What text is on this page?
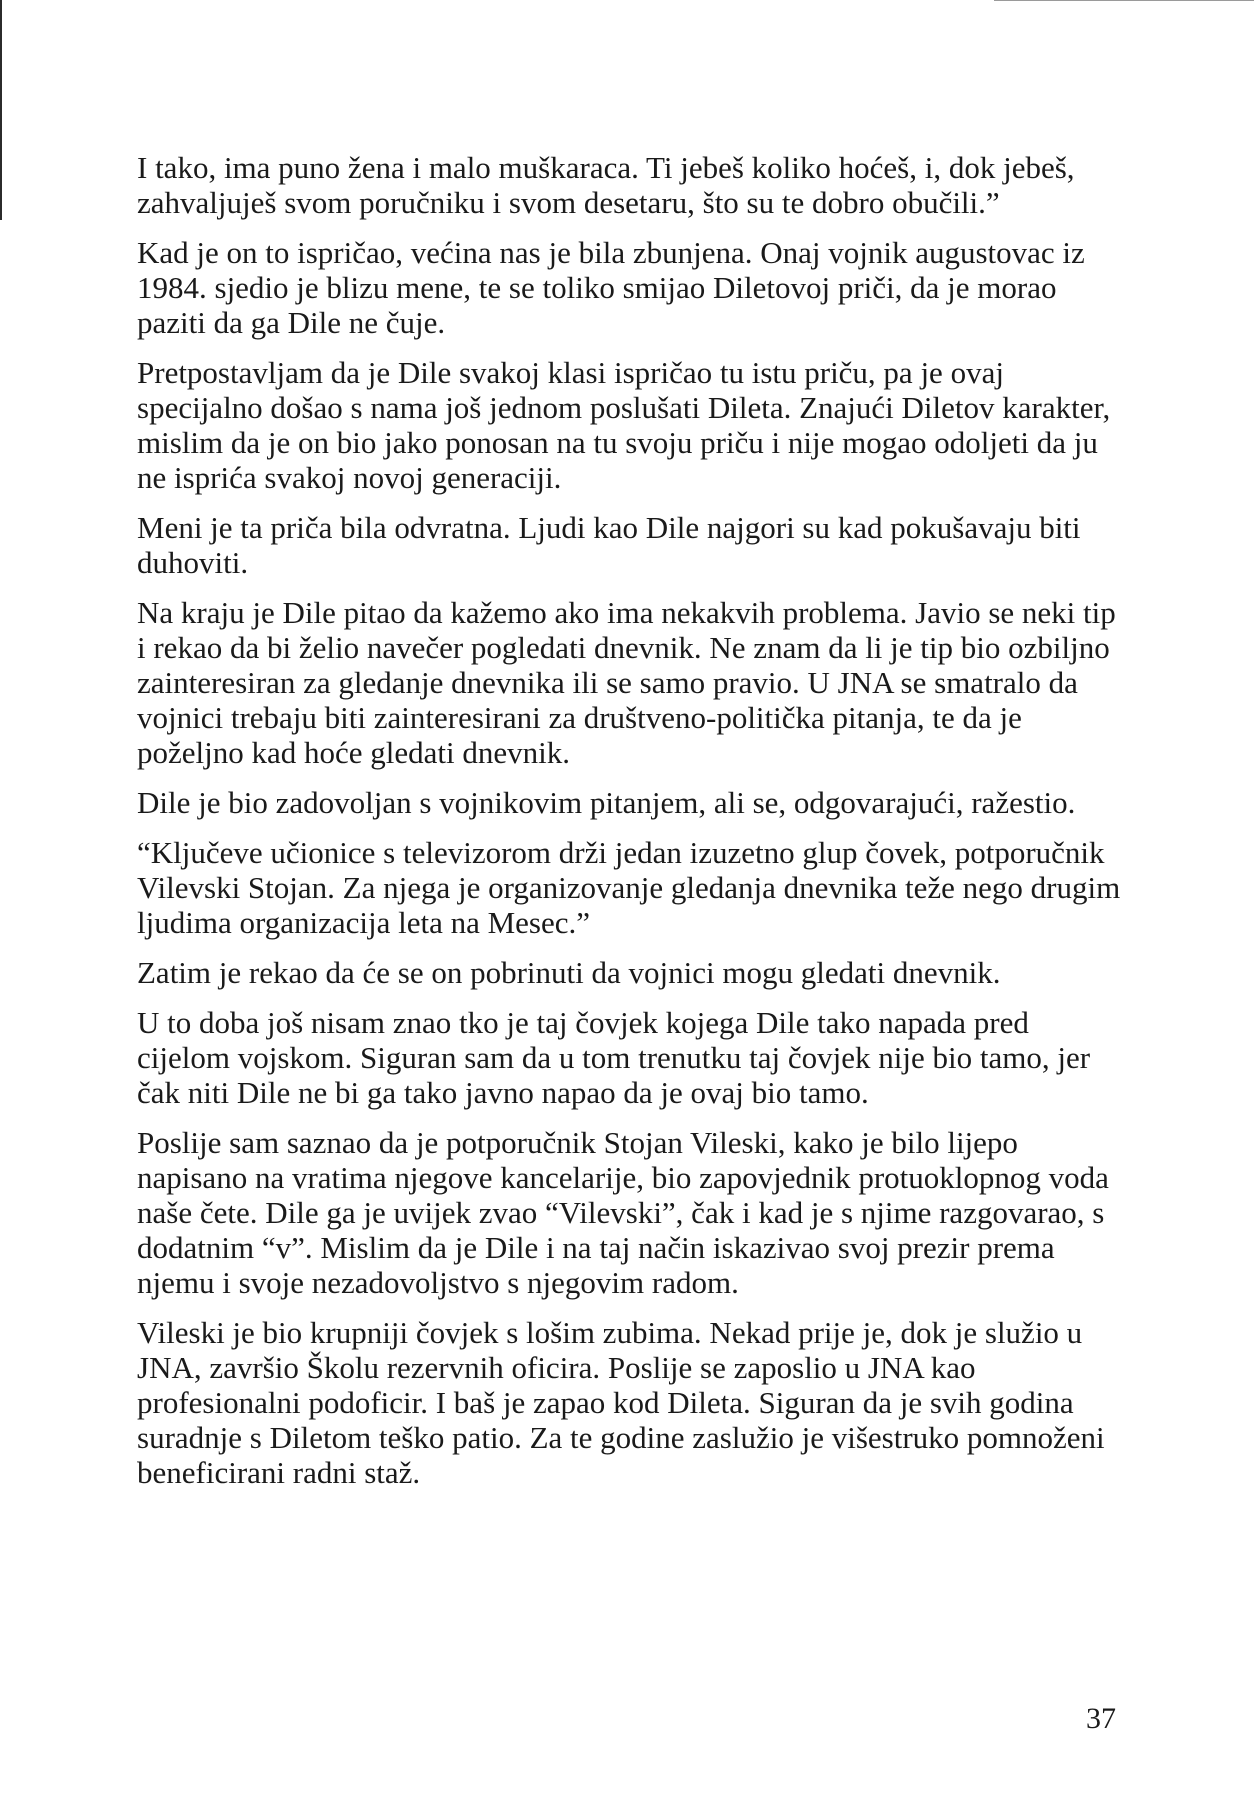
I tako, ima puno žena i malo muškaraca. Ti jebeš koliko hoćeš, i, dok jebeš, zahvaljuješ svom poručniku i svom desetaru, što su te dobro obučili.”

Kad je on to ispričao, većina nas je bila zbunjena. Onaj vojnik augustovac iz 1984. sjedio je blizu mene, te se toliko smijao Diletovoj priči, da je morao paziti da ga Dile ne čuje.

Pretpostavljam da je Dile svakoj klasi ispričao tu istu priču, pa je ovaj specijalno došao s nama još jednom poslušati Dileta. Znajući Diletov karakter, mislim da je on bio jako ponosan na tu svoju priču i nije mogao odoljeti da ju ne isprića svakoj novoj generaciji.

Meni je ta priča bila odvratna. Ljudi kao Dile najgori su kad pokušavaju biti duhoviti.

Na kraju je Dile pitao da kažemo ako ima nekakvih problema. Javio se neki tip i rekao da bi želio navečer pogledati dnevnik. Ne znam da li je tip bio ozbiljno zainteresiran za gledanje dnevnika ili se samo pravio. U JNA se smatralo da vojnici trebaju biti zainteresirani za društveno-politička pitanja, te da je poželjno kad hoće gledati dnevnik.

Dile je bio zadovoljan s vojnikovim pitanjem, ali se, odgovarajući, ražestio.

“Ključeve učionice s televizorom drži jedan izuzetno glup čovek, potporučnik Vilevski Stojan. Za njega je organizovanje gledanja dnevnika teže nego drugim ljudima organizacija leta na Mesec.”

Zatim je rekao da će se on pobrinuti da vojnici mogu gledati dnevnik.

U to doba još nisam znao tko je taj čovjek kojega Dile tako napada pred cijelom vojskom. Siguran sam da u tom trenutku taj čovjek nije bio tamo, jer čak niti Dile ne bi ga tako javno napao da je ovaj bio tamo.

Poslije sam saznao da je potporučnik Stojan Vileski, kako je bilo lijepo napisano na vratima njegove kancelarije, bio zapovjednik protuoklopnog voda naše čete. Dile ga je uvijek zvao “Vilevski”, čak i kad je s njime razgovarao, s dodatnim “v”. Mislim da je Dile i na taj način iskazivao svoj prezir prema njemu i svoje nezadovoljstvo s njegovim radom.

Vileski je bio krupniji čovjek s lošim zubima. Nekad prije je, dok je služio u JNA, završio Školu rezervnih oficira. Poslije se zaposlio u JNA kao profesionalni podoficir. I baš je zapao kod Dileta. Siguran da je svih godina suradnje s Diletom teško patio. Za te godine zaslužio je višestruko pomnoženi beneficirani radni staž.

37
